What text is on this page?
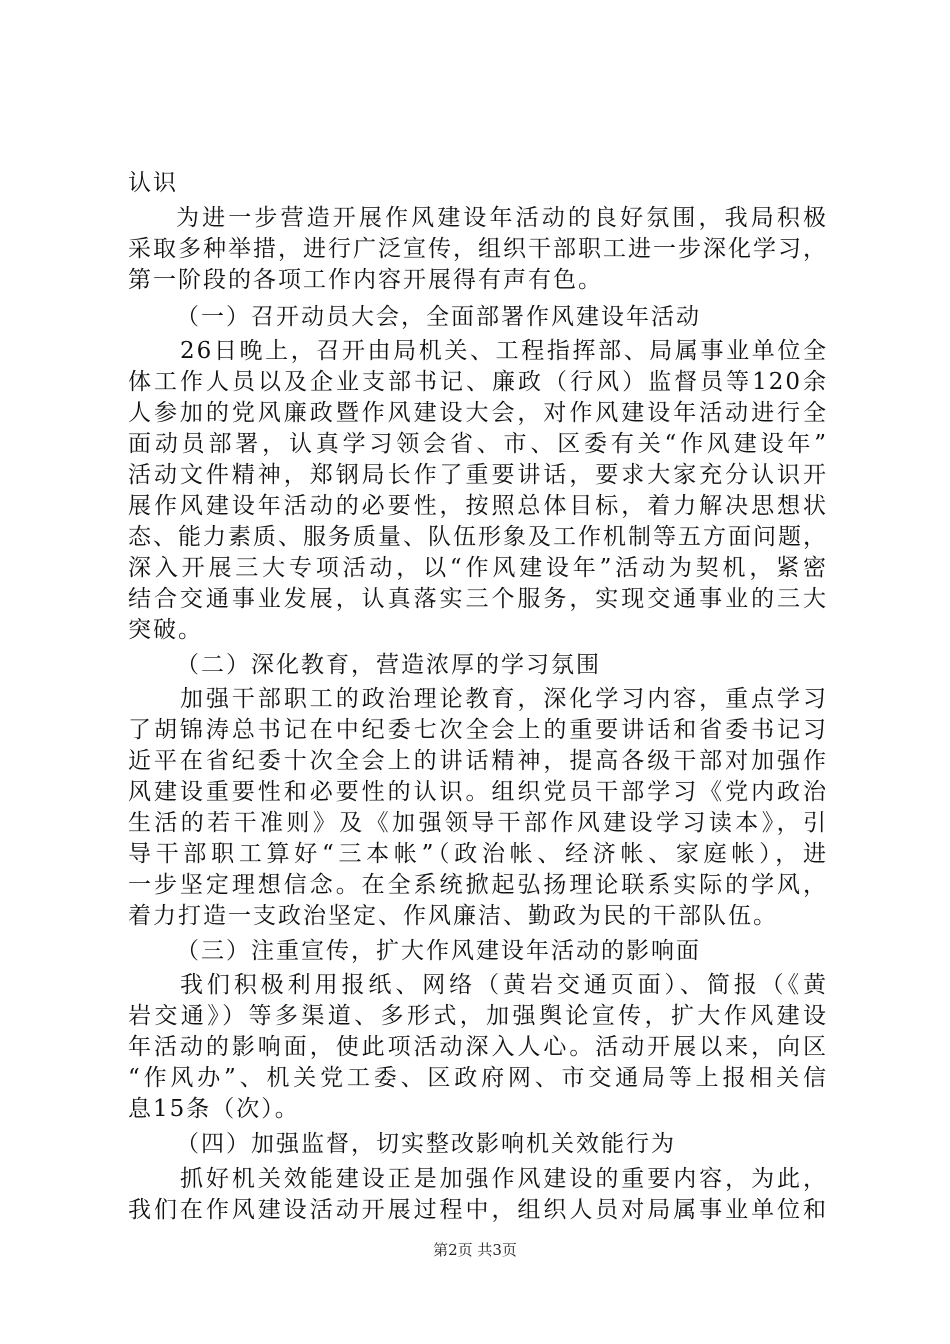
认识
为进一步营造开展作风建设年活动的良好氛围，我局积极
采取多种举措，进行广泛宣传，组织干部职工进一步深化学习，
第一阶段的各项工作内容开展得有声有色。
（一）召开动员大会，全面部署作风建设年活动
26日晚上，召开由局机关、工程指挥部、局属事业单位全
体工作人员以及企业支部书记、廉政（行风）监督员等120余
人参加的党风廉政暨作风建设大会，对作风建设年活动进行全
面动员部署，认真学习领会省、市、区委有关“作风建设年”
活动文件精神，郑钢局长作了重要讲话，要求大家充分认识开
展作风建设年活动的必要性，按照总体目标，着力解决思想状
态、能力素质、服务质量、队伍形象及工作机制等五方面问题，
深入开展三大专项活动，以“作风建设年”活动为契机，紧密
结合交通事业发展，认真落实三个服务，实现交通事业的三大
突破。
（二）深化教育，营造浓厚的学习氛围
加强干部职工的政治理论教育，深化学习内容，重点学习
了胡锦涛总书记在中纪委七次全会上的重要讲话和省委书记习
近平在省纪委十次全会上的讲话精神，提高各级干部对加强作
风建设重要性和必要性的认识。组织党员干部学习《党内政治
生活的若干准则》及《加强领导干部作风建设学习读本》，引
导干部职工算好“三本帐”（政治帐、经济帐、家庭帐），进
一步坚定理想信念。在全系统掀起弘扬理论联系实际的学风，
着力打造一支政治坚定、作风廉洁、勤政为民的干部队伍。
（三）注重宣传，扩大作风建设年活动的影响面
我们积极利用报纸、网络（黄岩交通页面）、简报（《黄
岩交通》）等多渠道、多形式，加强舆论宣传，扩大作风建设
年活动的影响面，使此项活动深入人心。活动开展以来，向区
“作风办”、机关党工委、区政府网、市交通局等上报相关信
息15条（次）。
（四）加强监督，切实整改影响机关效能行为
抓好机关效能建设正是加强作风建设的重要内容，为此，
我们在作风建设活动开展过程中，组织人员对局属事业单位和
第2页 共3页
